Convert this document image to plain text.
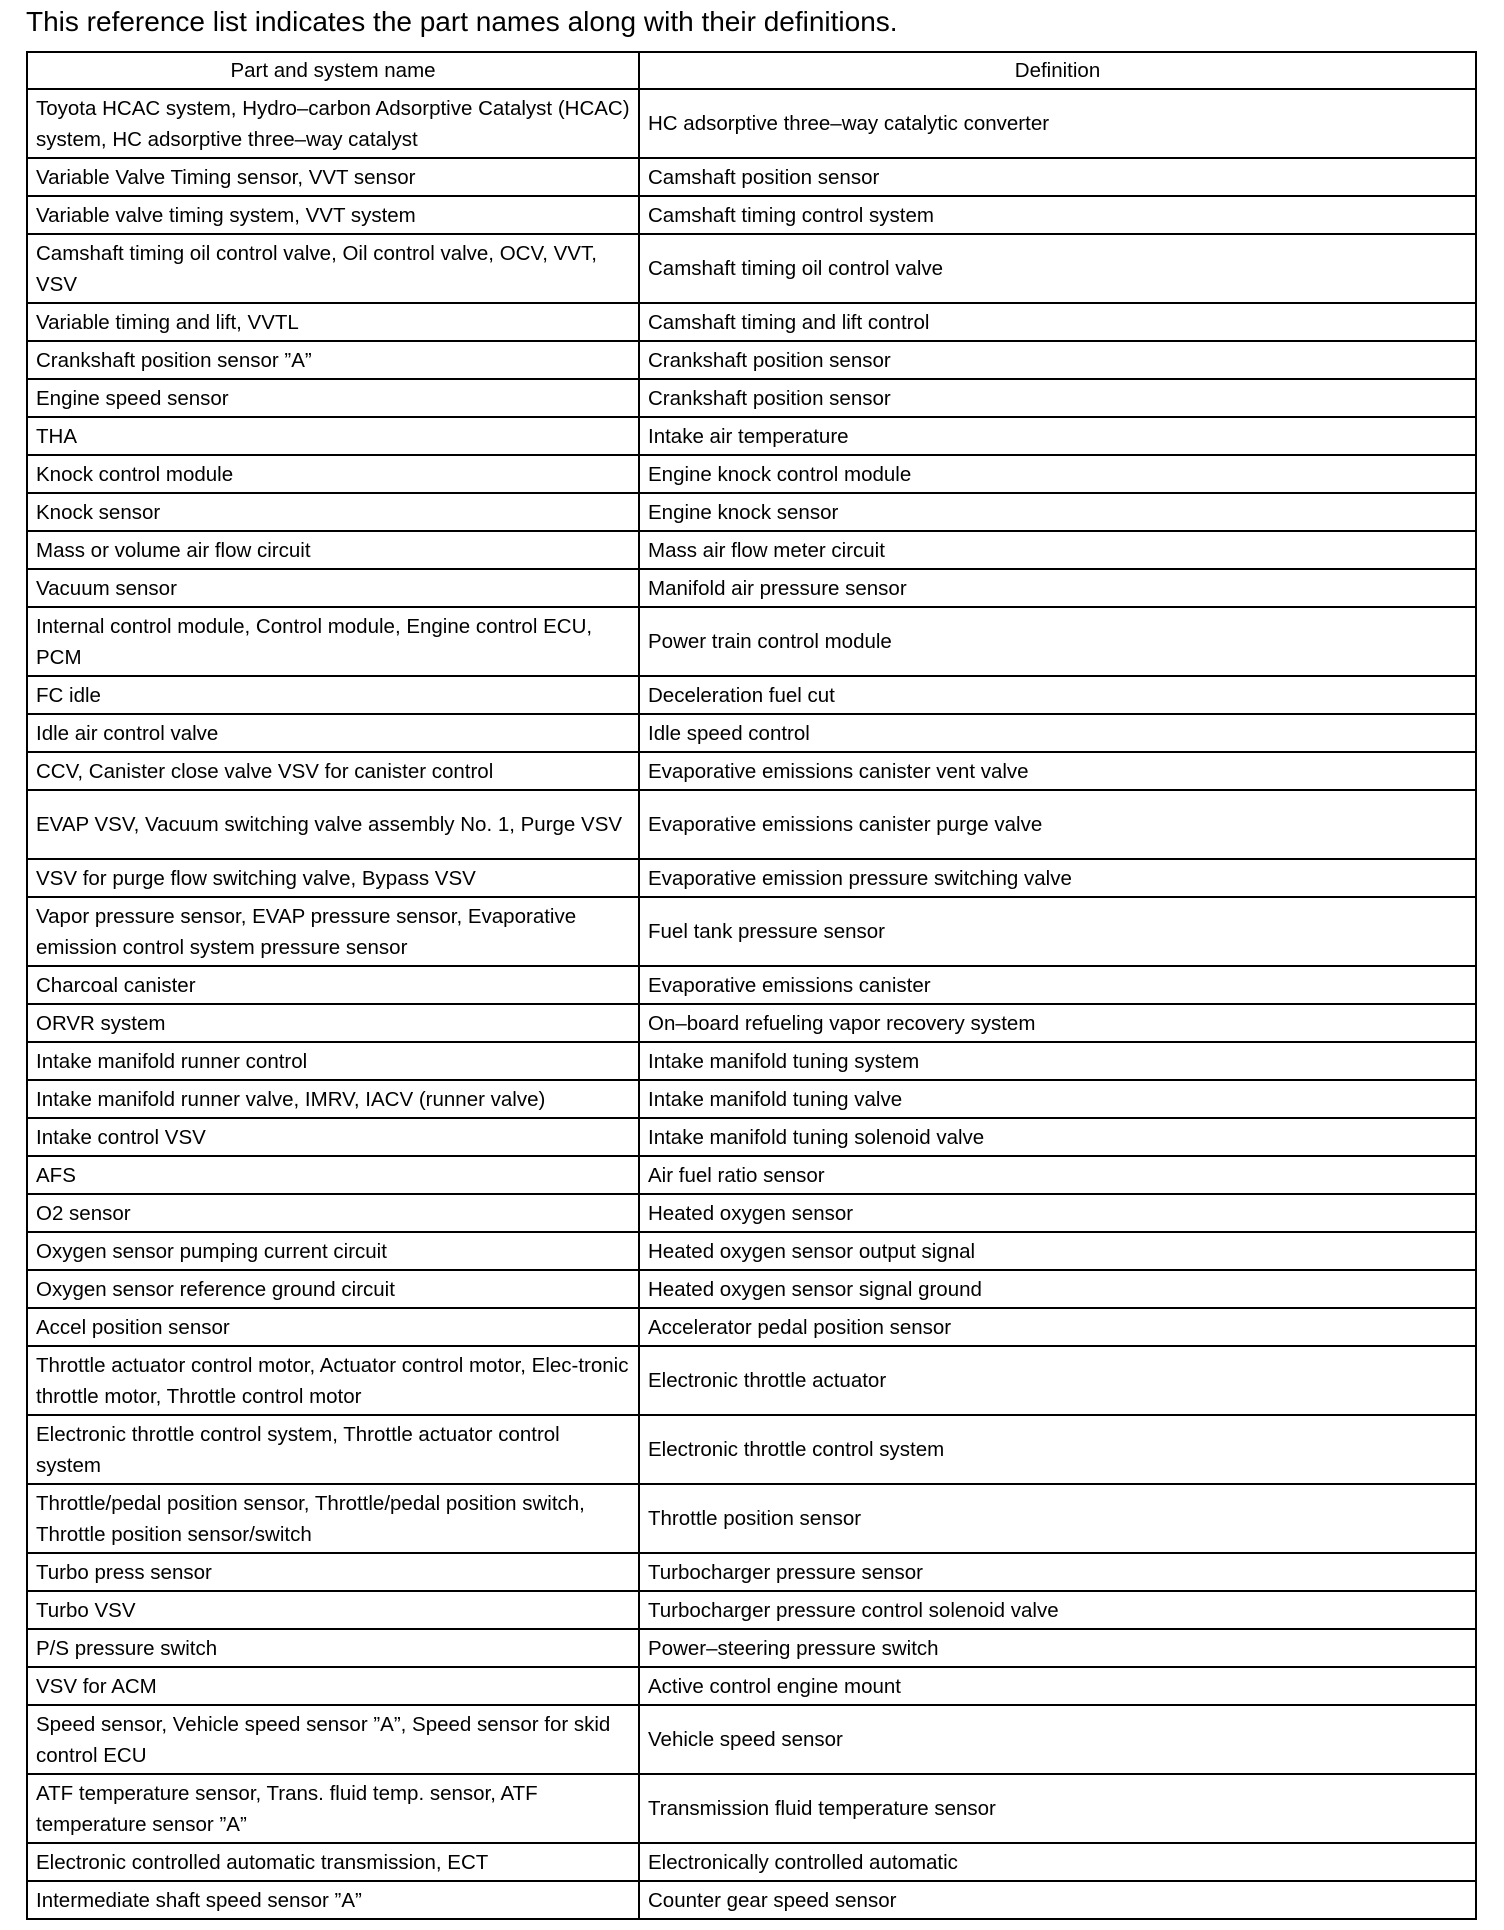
This reference list indicates the part names along with their definitions.
Part and system name	Definition
Toyota HCAC system, Hydro–carbon Adsorptive Catalyst (HCAC) system, HC adsorptive three–way catalyst	HC adsorptive three–way catalytic converter
Variable Valve Timing sensor, VVT sensor	Camshaft position sensor
Variable valve timing system, VVT system	Camshaft timing control system
Camshaft timing oil control valve, Oil control valve, OCV, VVT, VSV	Camshaft timing oil control valve
Variable timing and lift, VVTL	Camshaft timing and lift control
Crankshaft position sensor ”A”	Crankshaft position sensor
Engine speed sensor	Crankshaft position sensor
THA	Intake air temperature
Knock control module	Engine knock control module
Knock sensor	Engine knock sensor
Mass or volume air flow circuit	Mass air flow meter circuit
Vacuum sensor	Manifold air pressure sensor
Internal control module, Control module, Engine control ECU, PCM	Power train control module
FC idle	Deceleration fuel cut
Idle air control valve	Idle speed control
CCV, Canister close valve VSV for canister control	Evaporative emissions canister vent valve
EVAP VSV, Vacuum switching valve assembly No. 1, Purge VSV	Evaporative emissions canister purge valve
VSV for purge flow switching valve, Bypass VSV	Evaporative emission pressure switching valve
Vapor pressure sensor, EVAP pressure sensor, Evaporative emission control system pressure sensor	Fuel tank pressure sensor
Charcoal canister	Evaporative emissions canister
ORVR system	On–board refueling vapor recovery system
Intake manifold runner control	Intake manifold tuning system
Intake manifold runner valve, IMRV, IACV (runner valve)	Intake manifold tuning valve
Intake control VSV	Intake manifold tuning solenoid valve
AFS	Air fuel ratio sensor
O2 sensor	Heated oxygen sensor
Oxygen sensor pumping current circuit	Heated oxygen sensor output signal
Oxygen sensor reference ground circuit	Heated oxygen sensor signal ground
Accel position sensor	Accelerator pedal position sensor
Throttle actuator control motor, Actuator control motor, Elec-tronic throttle motor, Throttle control motor	Electronic throttle actuator
Electronic throttle control system, Throttle actuator control system	Electronic throttle control system
Throttle/pedal position sensor, Throttle/pedal position switch, Throttle position sensor/switch	Throttle position sensor
Turbo press sensor	Turbocharger pressure sensor
Turbo VSV	Turbocharger pressure control solenoid valve
P/S pressure switch	Power–steering pressure switch
VSV for ACM	Active control engine mount
Speed sensor, Vehicle speed sensor ”A”, Speed sensor for skid control ECU	Vehicle speed sensor
ATF temperature sensor, Trans. fluid temp. sensor, ATF temperature sensor ”A”	Transmission fluid temperature sensor
Electronic controlled automatic transmission, ECT	Electronically controlled automatic
Intermediate shaft speed sensor ”A”	Counter gear speed sensor
